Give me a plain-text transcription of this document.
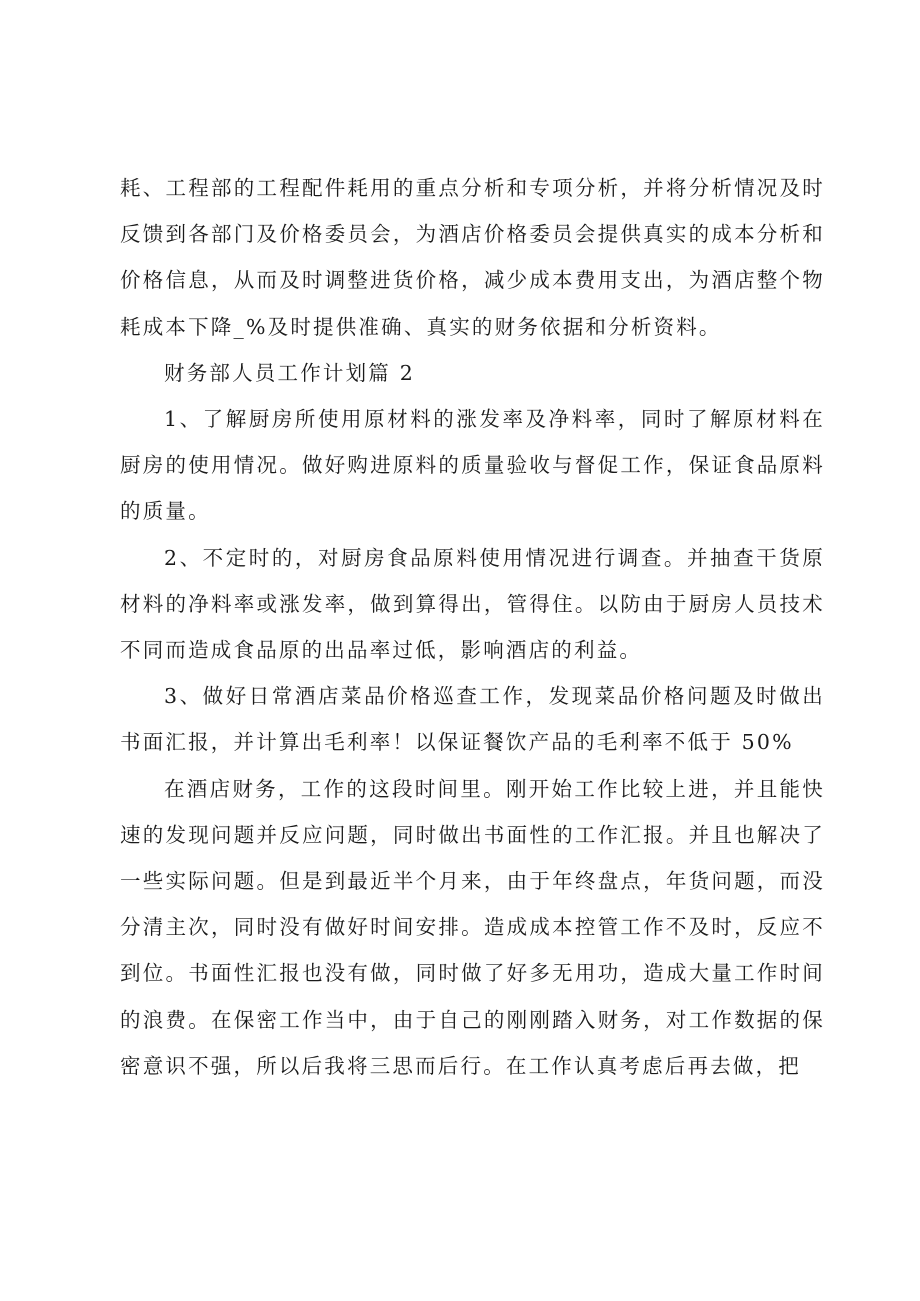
耗、工程部的工程配件耗用的重点分析和专项分析，并将分析情况及时反馈到各部门及价格委员会，为酒店价格委员会提供真实的成本分析和价格信息，从而及时调整进货价格，减少成本费用支出，为酒店整个物耗成本下降_%及时提供准确、真实的财务依据和分析资料。

财务部人员工作计划篇 2

1、了解厨房所使用原材料的涨发率及净料率，同时了解原材料在厨房的使用情况。做好购进原料的质量验收与督促工作，保证食品原料的质量。

2、不定时的，对厨房食品原料使用情况进行调查。并抽查干货原材料的净料率或涨发率，做到算得出，管得住。以防由于厨房人员技术不同而造成食品原的出品率过低，影响酒店的利益。

3、做好日常酒店菜品价格巡查工作，发现菜品价格问题及时做出书面汇报，并计算出毛利率！以保证餐饮产品的毛利率不低于 50%

在酒店财务，工作的这段时间里。刚开始工作比较上进，并且能快速的发现问题并反应问题，同时做出书面性的工作汇报。并且也解决了一些实际问题。但是到最近半个月来，由于年终盘点，年货问题，而没分清主次，同时没有做好时间安排。造成成本控管工作不及时，反应不到位。书面性汇报也没有做，同时做了好多无用功，造成大量工作时间的浪费。在保密工作当中，由于自己的刚刚踏入财务，对工作数据的保密意识不强，所以后我将三思而后行。在工作认真考虑后再去做，把
